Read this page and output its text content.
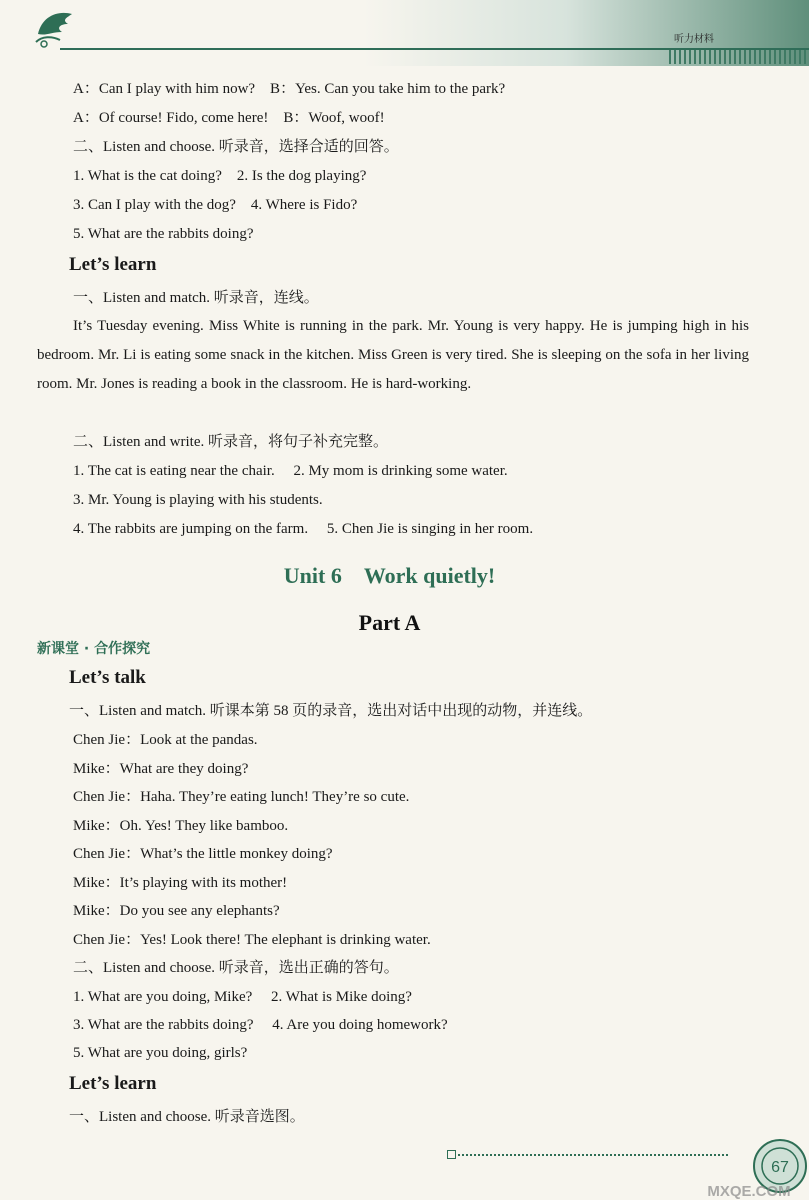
听力材料
A：Can I play with him now?　B：Yes. Can you take him to the park?
A：Of course! Fido, come here!　B：Woof, woof!
二、Listen and choose. 听录音，选择合适的回答。
1. What is the cat doing?　2. Is the dog playing?
3. Can I play with the dog?　4. Where is Fido?
5. What are the rabbits doing?
Let’s learn
一、Listen and match. 听录音，连线。
It’s Tuesday evening. Miss White is running in the park. Mr. Young is very happy. He is jumping high in his bedroom. Mr. Li is eating some snack in the kitchen. Miss Green is very tired. She is sleeping on the sofa in her living room. Mr. Jones is reading a book in the classroom. He is hard-working.
二、Listen and write. 听录音，将句子补充完整。
1. The cat is eating near the chair.　 2. My mom is drinking some water.
3. Mr. Young is playing with his students.
4. The rabbits are jumping on the farm.　 5. Chen Jie is singing in her room.
Unit 6　Work quietly!
Part A
新课堂 · 合作探究
Let’s talk
一、Listen and match. 听课本第 58 页的录音，选出对话中出现的动物，并连线。
Chen Jie：Look at the pandas.
Mike：What are they doing?
Chen Jie：Haha. They’re eating lunch! They’re so cute.
Mike：Oh. Yes! They like bamboo.
Chen Jie：What’s the little monkey doing?
Mike：It’s playing with its mother!
Mike：Do you see any elephants?
Chen Jie：Yes! Look there! The elephant is drinking water.
二、Listen and choose. 听录音，选出正确的答句。
1. What are you doing, Mike?　 2. What is Mike doing?
3. What are the rabbits doing?　 4. Are you doing homework?
5. What are you doing, girls?
Let’s learn
一、Listen and choose. 听录音选图。
67
MXQE.COM
